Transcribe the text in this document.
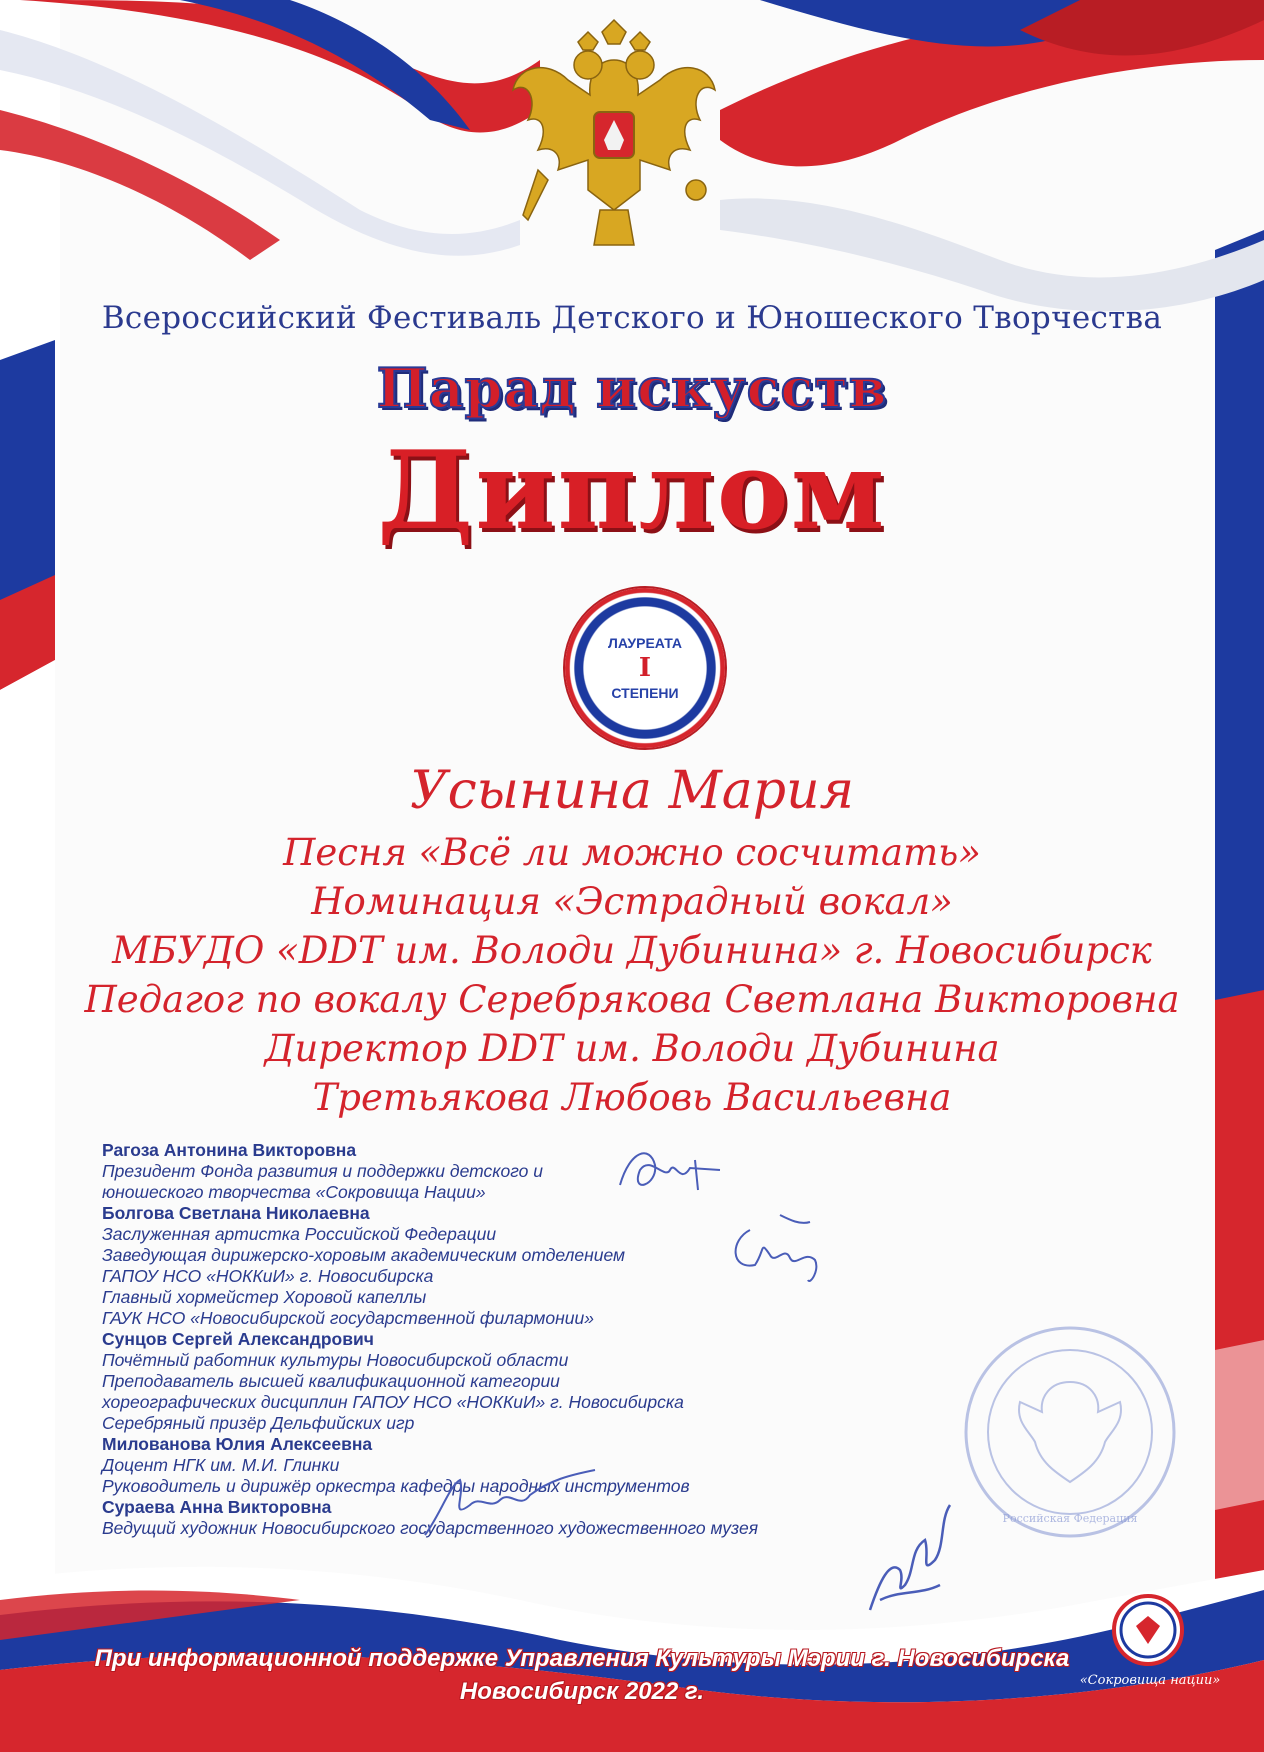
Всероссийский Фестиваль Детского и Юношеского Творчества
Парад искусств
Диплом
ЛАУРЕАТА
I
СТЕПЕНИ
Усынина Мария
Песня «Всё ли можно сосчитать»
Номинация «Эстрадный вокал»
МБУДО «DDT им. Володи Дубинина» г. Новосибирск
Педагог по вокалу Серебрякова Светлана Викторовна
Директор DDT им. Володи Дубинина
Третьякова Любовь Васильевна
Рагоза Антонина Викторовна
Президент Фонда развития и поддержки детского и
юношеского творчества «Сокровища Нации»
Болгова Светлана Николаевна
Заслуженная артистка Российской Федерации
Заведующая дирижерско-хоровым академическим отделением
ГАПОУ НСО «НОККиИ» г. Новосибирска
Главный хормейстер Хоровой капеллы
ГАУК НСО «Новосибирской государственной филармонии»
Сунцов Сергей Александрович
Почётный работник культуры Новосибирской области
Преподаватель высшей квалификационной категории
хореографических дисциплин ГАПОУ НСО «НОККиИ» г. Новосибирска
Серебряный призёр Дельфийских игр
Милованова Юлия Алексеевна
Доцент НГК им. М.И. Глинки
Руководитель и дирижёр оркестра кафедры народных инструментов
Сураева Анна Викторовна
Ведущий художник Новосибирского государственного художественного музея	Российская Федерация
«Сокровища нации»
При информационной поддержке Управления Культуры Мэрии г. Новосибирска
Новосибирск 2022 г.
